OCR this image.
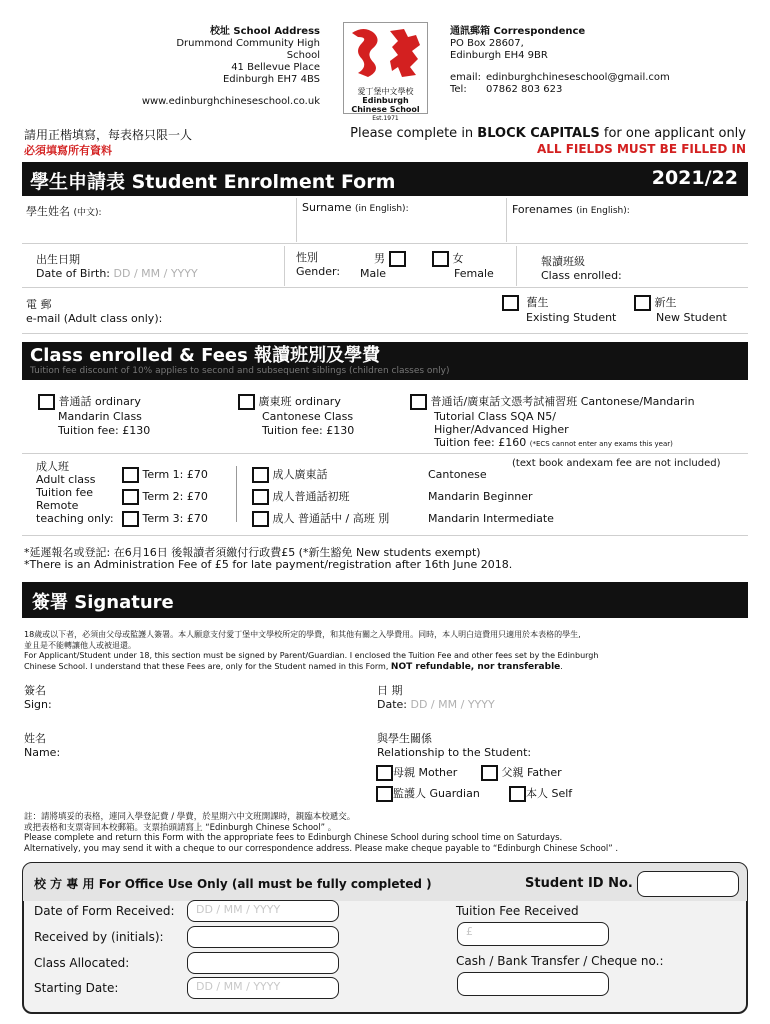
校址 School Address
Drummond Community High School
41 Bellevue Place
Edinburgh EH7 4BS
www.edinburghchineseschool.co.uk
愛丁堡中文學校
Edinburgh
Chinese School
Est.1971
通訊郵箱 Correspondence
PO Box 28607,
Edinburgh EH4 9BR
email: edinburghchineseschool@gmail.com
Tel: 07862 803 623
請用正楷填寫，每表格只限一人
必須填寫所有資料
Please complete in BLOCK CAPITALS for one applicant only
ALL FIELDS MUST BE FILLED IN
學生申請表 Student Enrolment Form	2021/22
學生姓名 (中文):	Surname (in English):	Forenames (in English):
出生日期
Date of Birth: DD / MM / YYYY
性別
Gender:
男
Male
女
Female
報讀班級
Class enrolled:
電 郵
e-mail (Adult class only):
舊生
Existing Student
新生
New Student
Class enrolled & Fees 報讀班別及學費
Tuition fee discount of 10% applies to second and subsequent siblings (children classes only)
普通話 ordinary
Mandarin Class
Tuition fee: £130
廣東班 ordinary
Cantonese Class
Tuition fee: £130
普通话/廣東話文憑考試補習班 Cantonese/Mandarin
Tutorial Class SQA N5/
Higher/Advanced Higher
Tuition fee: £160 (*ECS cannot enter any exams this year)
成人班
Adult class
Tuition fee
Remote
teaching only:
Term 1: £70
Term 2: £70
Term 3: £70
成人廣東話
成人普通話初班
成人 普通話中 / 高班 別
Cantonese
Mandarin Beginner
Mandarin Intermediate
(text book andexam fee are not included)
*延遲報名或登記: 在6月16日 後報讀者須繳付行政費£5 (*新生豁免 New students exempt)
*There is an Administration Fee of £5 for late payment/registration after 16th June 2018.
簽署 Signature
18歲或以下者，必須由父母或監護人簽署。本人願意支付愛丁堡中文學校所定的學費，和其他有關之入學費用。同時，本人明白這費用只適用於本表格的學生,
並且是不能轉讓他人或被退還。
For Applicant/Student under 18, this section must be signed by Parent/Guardian. I enclosed the Tuition Fee and other fees set by the Edinburgh
Chinese School. I understand that these Fees are, only for the Student named in this Form, NOT refundable, nor transferable.
簽名
Sign:
日 期
Date: DD / MM / YYYY
姓名
Name:
與學生關係
Relationship to the Student:
母親 Mother	父親 Father
監護人 Guardian	本人 Self
註：請將填妥的表格，連同入學登記費 / 學費，於星期六中文班開課時，親臨本校遞交。
或把表格和支票寄回本校郵箱。支票抬頭請寫上 “Edinburgh Chinese School” 。
Please complete and return this Form with the appropriate fees to Edinburgh Chinese School during school time on Saturdays.
Alternatively, you may send it with a cheque to our correspondence address. Please make cheque payable to “Edinburgh Chinese School” .
校 方 專 用 For Office Use Only (all must be fully completed )	Student ID No.
Date of Form Received:	DD / MM / YYYY
Received by (initials):
Class Allocated:
Starting Date:	DD / MM / YYYY
Tuition Fee Received
£
Cash / Bank Transfer / Cheque no.:
